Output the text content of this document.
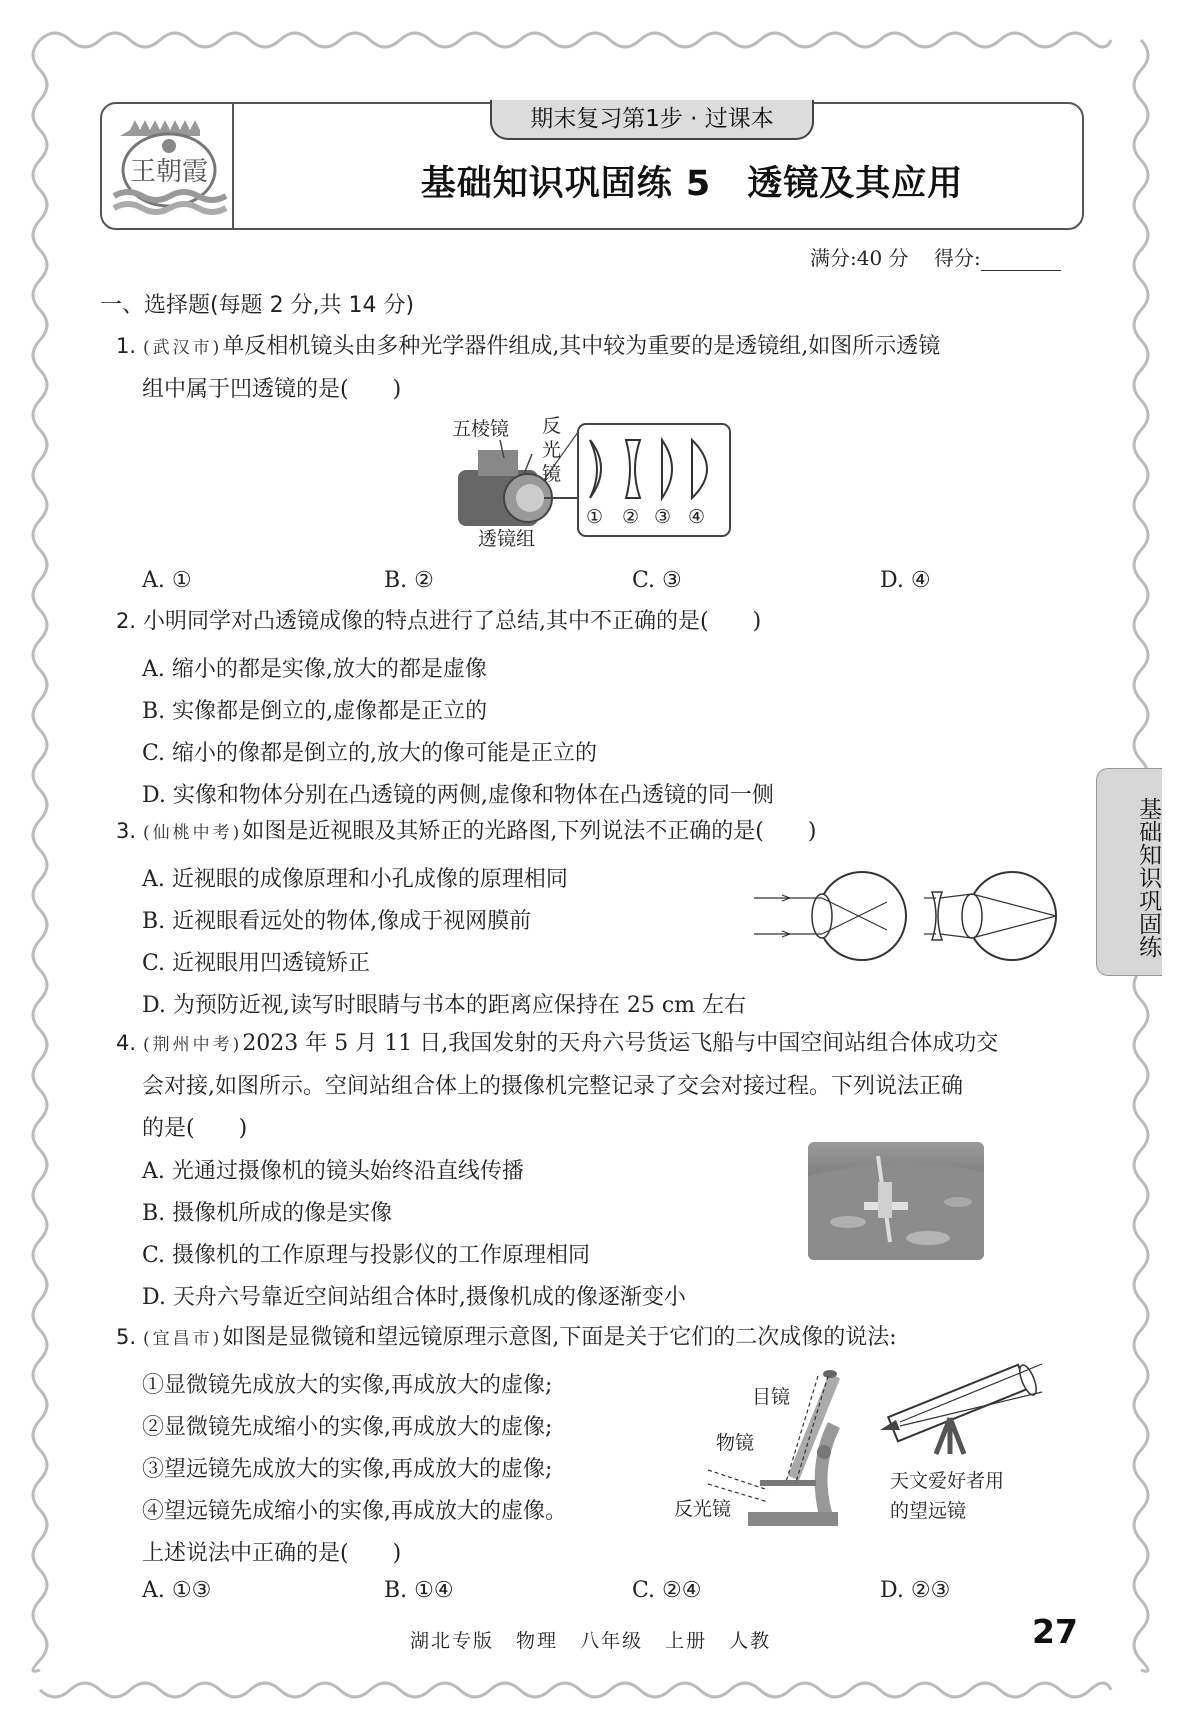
王朝霞
期末复习第1步 · 过课本
基础知识巩固练 5　透镜及其应用
满分:40 分 得分:
一、选择题(每题 2 分,共 14 分)
1. (武汉市)单反相机镜头由多种光学器件组成,其中较为重要的是透镜组,如图所示透镜
组中属于凹透镜的是(　　)
五棱镜 反光镜
透镜组
① ② ③ ④
A. ①	B. ②	C. ③	D. ④
2. 小明同学对凸透镜成像的特点进行了总结,其中不正确的是(　　)
A. 缩小的都是实像,放大的都是虚像
B. 实像都是倒立的,虚像都是正立的
C. 缩小的像都是倒立的,放大的像可能是正立的
D. 实像和物体分别在凸透镜的两侧,虚像和物体在凸透镜的同一侧
3. (仙桃中考)如图是近视眼及其矫正的光路图,下列说法不正确的是(　　)
A. 近视眼的成像原理和小孔成像的原理相同
B. 近视眼看远处的物体,像成于视网膜前
C. 近视眼用凹透镜矫正
D. 为预防近视,读写时眼睛与书本的距离应保持在 25 cm 左右
4. (荆州中考)2023 年 5 月 11 日,我国发射的天舟六号货运飞船与中国空间站组合体成功交
会对接,如图所示。空间站组合体上的摄像机完整记录了交会对接过程。下列说法正确
的是(　　)
A. 光通过摄像机的镜头始终沿直线传播
B. 摄像机所成的像是实像
C. 摄像机的工作原理与投影仪的工作原理相同
D. 天舟六号靠近空间站组合体时,摄像机成的像逐渐变小
5. (宜昌市)如图是显微镜和望远镜原理示意图,下面是关于它们的二次成像的说法:
①显微镜先成放大的实像,再成放大的虚像;
②显微镜先成缩小的实像,再成放大的虚像;
③望远镜先成放大的实像,再成放大的虚像;
④望远镜先成缩小的实像,再成放大的虚像。
上述说法中正确的是(　　)
目镜
物镜
反光镜
天文爱好者用
的望远镜
A. ①③	B. ①④	C. ②④	D. ②③
基础知识巩固练
湖北专版 物理 八年级 上册 人教	27
